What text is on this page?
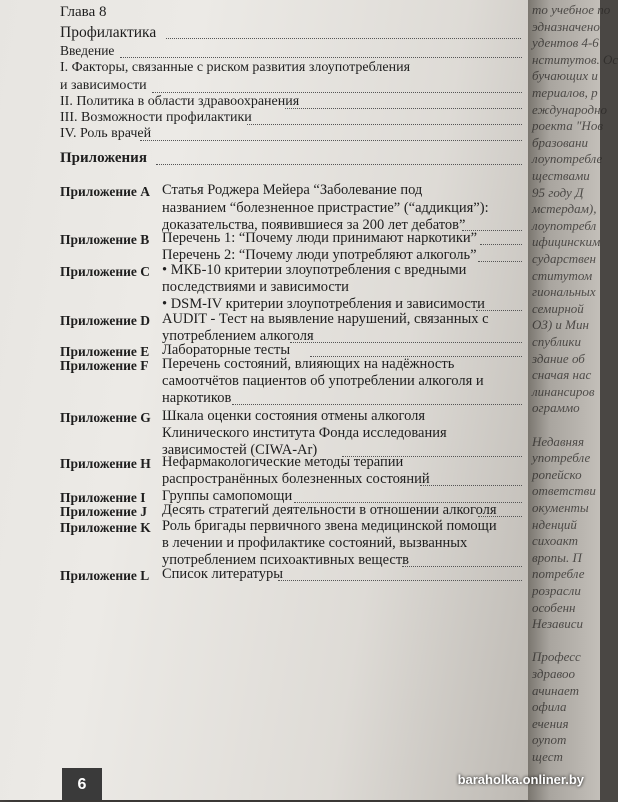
Глава 8
Профилактика
Введение
I. Факторы, связанные с риском развития злоупотребления
и зависимости
II. Политика в области здравоохранения
III. Возможности профилактики
IV. Роль врачей
Приложения
Приложение A Статья Роджера Мейера “Заболевание под
названием “болезненное пристрастие” (“аддикция”):
доказательства, появившиеся за 200 лет дебатов”
Приложение B Перечень 1: “Почему люди принимают наркотики”
Перечень 2: “Почему люди употребляют алкоголь”
Приложение C • МКБ-10 критерии злоупотребления с вредными
последствиями и зависимости
• DSM-IV критерии злоупотребления и зависимости
Приложение D AUDIT - Тест на выявление нарушений, связанных с
употреблением алкоголя
Приложение E Лабораторные тесты
Приложение F Перечень состояний, влияющих на надёжность
самоотчётов пациентов об употреблении алкоголя и
наркотиков
Приложение G Шкала оценки состояния отмены алкоголя
Клинического института Фонда исследования
зависимостей (CIWA-Ar)
Приложение H Нефармакологические методы терапии
распространённых болезненных состояний
Приложение I Группы самопомощи
Приложение J Десять стратегий деятельности в отношении алкоголя
Приложение K Роль бригады первичного звена медицинской помощи
в лечении и профилактике состояний, вызванных
употреблением психоактивных веществ
Приложение L Список литературы
6
то учебное по
эднaзначено
удентов 4-6
нститутов. Ос
бучающих и
териалов, р
еждународно
роекта "Нов
бразовани
лоупотребле
ществами
95 году Д
мстердам),
лоупотребл
ифицинским
сударствен
ститутом
гиональных
семирной
ОЗ) и Мин
спублики
здание об
сначая нас
линансиров
ограммо
Недавняя
употребле
ропейско
ответстви
окументы
нденций
сихоакт
вропы. П
потребле
розрасли
особенн
Независи
Професс
здравоо
ачинает
офила
ечения
оупот
щест
baraholka.onliner.by
